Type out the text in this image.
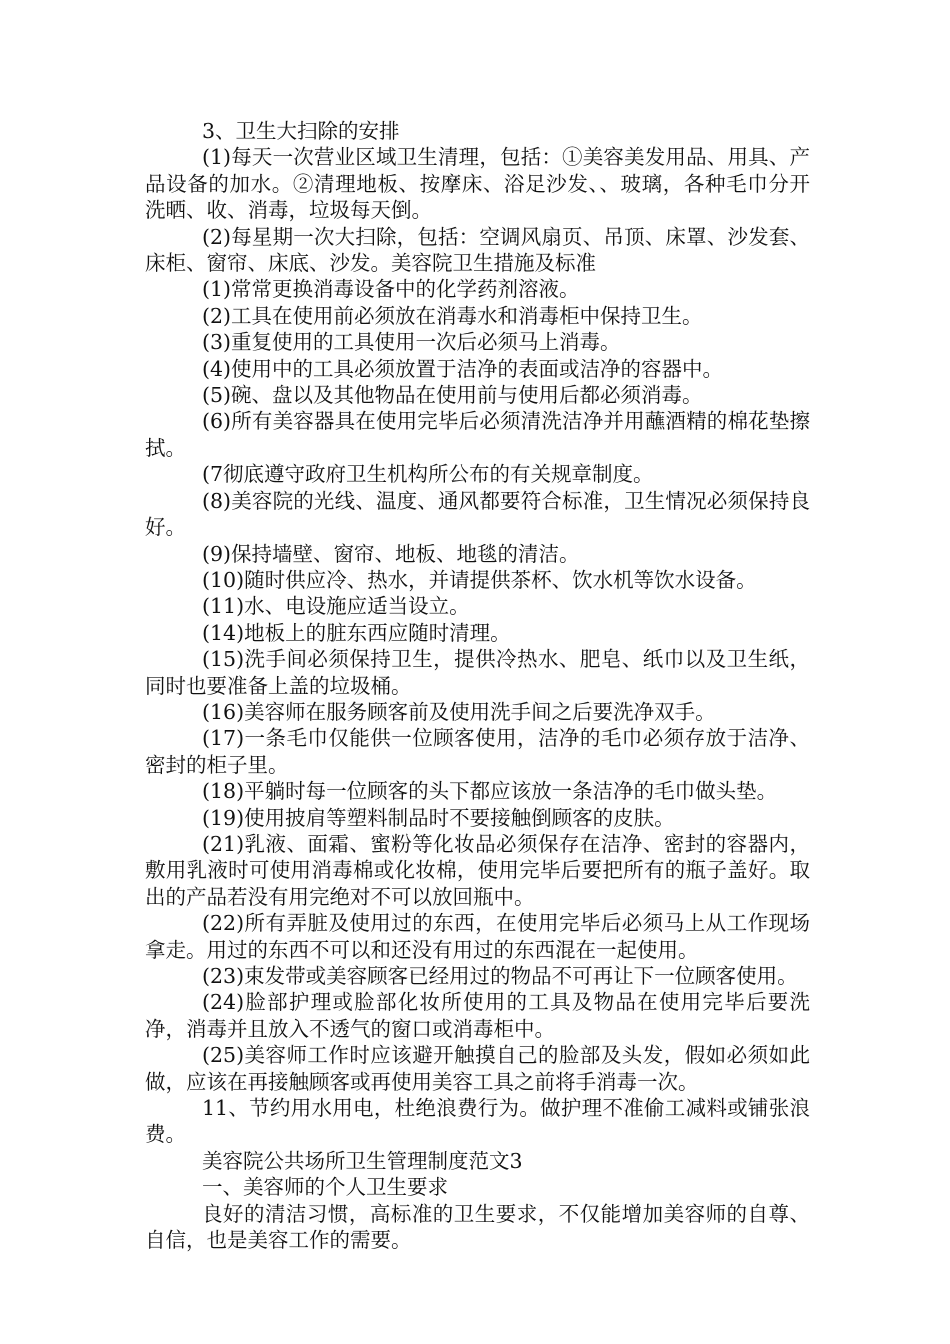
3、卫生大扫除的安排

(1)每天一次营业区域卫生清理，包括：①美容美发用品、用具、产品设备的加水。②清理地板、按摩床、浴足沙发、、玻璃，各种毛巾分开洗晒、收、消毒，垃圾每天倒。

(2)每星期一次大扫除，包括：空调风扇页、吊顶、床罩、沙发套、床柜、窗帘、床底、沙发。美容院卫生措施及标准

(1)常常更换消毒设备中的化学药剂溶液。

(2)工具在使用前必须放在消毒水和消毒柜中保持卫生。

(3)重复使用的工具使用一次后必须马上消毒。

(4)使用中的工具必须放置于洁净的表面或洁净的容器中。

(5)碗、盘以及其他物品在使用前与使用后都必须消毒。

(6)所有美容器具在使用完毕后必须清洗洁净并用蘸酒精的棉花垫擦拭。

(7彻底遵守政府卫生机构所公布的有关规章制度。

(8)美容院的光线、温度、通风都要符合标准，卫生情况必须保持良好。

(9)保持墙壁、窗帘、地板、地毯的清洁。

(10)随时供应冷、热水，并请提供茶杯、饮水机等饮水设备。

(11)水、电设施应适当设立。

(14)地板上的脏东西应随时清理。

(15)洗手间必须保持卫生，提供冷热水、肥皂、纸巾以及卫生纸，同时也要准备上盖的垃圾桶。

(16)美容师在服务顾客前及使用洗手间之后要洗净双手。

(17)一条毛巾仅能供一位顾客使用，洁净的毛巾必须存放于洁净、密封的柜子里。

(18)平躺时每一位顾客的头下都应该放一条洁净的毛巾做头垫。

(19)使用披肩等塑料制品时不要接触倒顾客的皮肤。

(21)乳液、面霜、蜜粉等化妆品必须保存在洁净、密封的容器内，敷用乳液时可使用消毒棉或化妆棉，使用完毕后要把所有的瓶子盖好。取出的产品若没有用完绝对不可以放回瓶中。

(22)所有弄脏及使用过的东西，在使用完毕后必须马上从工作现场拿走。用过的东西不可以和还没有用过的东西混在一起使用。

(23)束发带或美容顾客已经用过的物品不可再让下一位顾客使用。

(24)脸部护理或脸部化妆所使用的工具及物品在使用完毕后要洗净，消毒并且放入不透气的窗口或消毒柜中。

(25)美容师工作时应该避开触摸自己的脸部及头发，假如必须如此做，应该在再接触顾客或再使用美容工具之前将手消毒一次。

11、节约用水用电，杜绝浪费行为。做护理不准偷工减料或铺张浪费。

美容院公共场所卫生管理制度范文3

一、美容师的个人卫生要求

良好的清洁习惯，高标准的卫生要求，不仅能增加美容师的自尊、自信，也是美容工作的需要。
